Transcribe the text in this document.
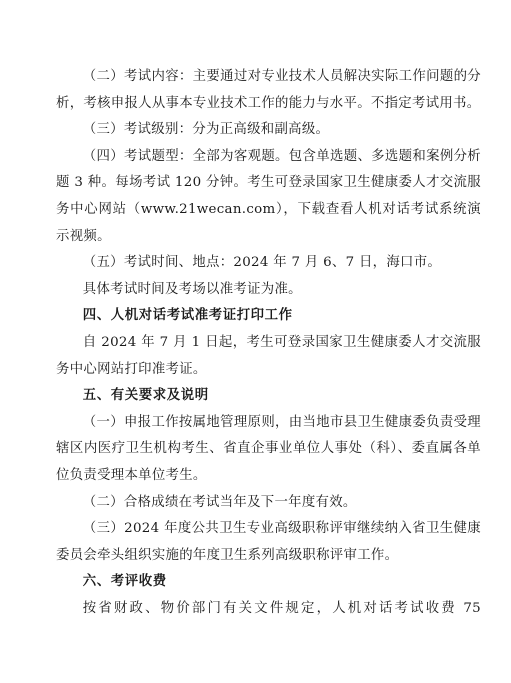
（二）考试内容：主要通过对专业技术人员解决实际工作问题的分析，考核申报人从事本专业技术工作的能力与水平。不指定考试用书。

（三）考试级别：分为正高级和副高级。

（四）考试题型：全部为客观题。包含单选题、多选题和案例分析题 3 种。每场考试 120 分钟。考生可登录国家卫生健康委人才交流服务中心网站（www.21wecan.com），下载查看人机对话考试系统演示视频。

（五）考试时间、地点：2024 年 7 月 6、7 日，海口市。

具体考试时间及考场以准考证为准。

四、人机对话考试准考证打印工作

自 2024 年 7 月 1 日起，考生可登录国家卫生健康委人才交流服务中心网站打印准考证。

五、有关要求及说明

（一）申报工作按属地管理原则，由当地市县卫生健康委负责受理辖区内医疗卫生机构考生、省直企事业单位人事处（科）、委直属各单位负责受理本单位考生。

（二）合格成绩在考试当年及下一年度有效。

（三）2024 年度公共卫生专业高级职称评审继续纳入省卫生健康委员会牵头组织实施的年度卫生系列高级职称评审工作。

六、考评收费

按省财政、物价部门有关文件规定，人机对话考试收费 75
